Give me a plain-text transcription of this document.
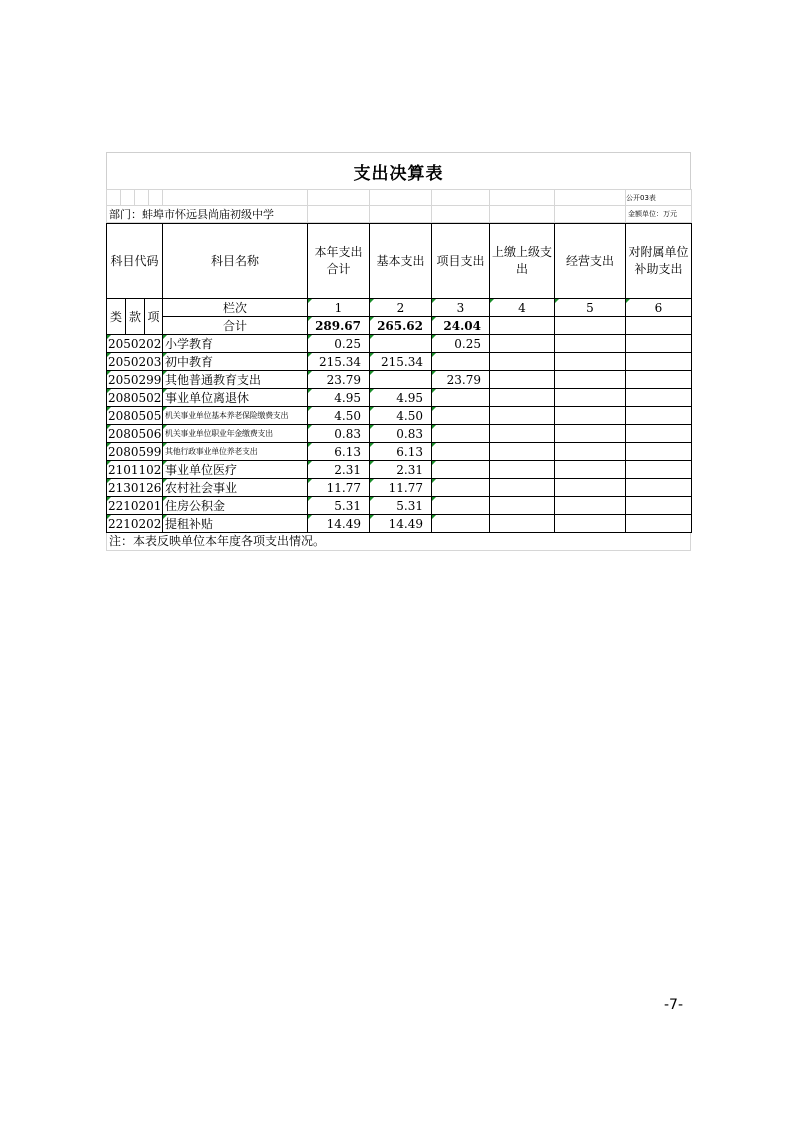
支出决算表
										公开03表
部门：蚌埠市怀远县尚庙初级中学										金额单位：万元
科目代码			科目名称	本年支出合计	基本支出	项目支出	上缴上级支出	经营支出	对附属单位补助支出
类	款	项	栏次	1	2	3	4	5	6
			合计	289.67	265.62	24.04			
2050202			小学教育	0.25		0.25			
2050203			初中教育	215.34	215.34				
2050299			其他普通教育支出	23.79		23.79			
2080502			事业单位离退休	4.95	4.95				
2080505			机关事业单位基本养老保险缴费支出	4.50	4.50				
2080506			机关事业单位职业年金缴费支出	0.83	0.83				
2080599			其他行政事业单位养老支出	6.13	6.13				
2101102			事业单位医疗	2.31	2.31				
2130126			农村社会事业	11.77	11.77				
2210201			住房公积金	5.31	5.31				
2210202			提租补贴	14.49	14.49				
注：本表反映单位本年度各项支出情况。
-7-
